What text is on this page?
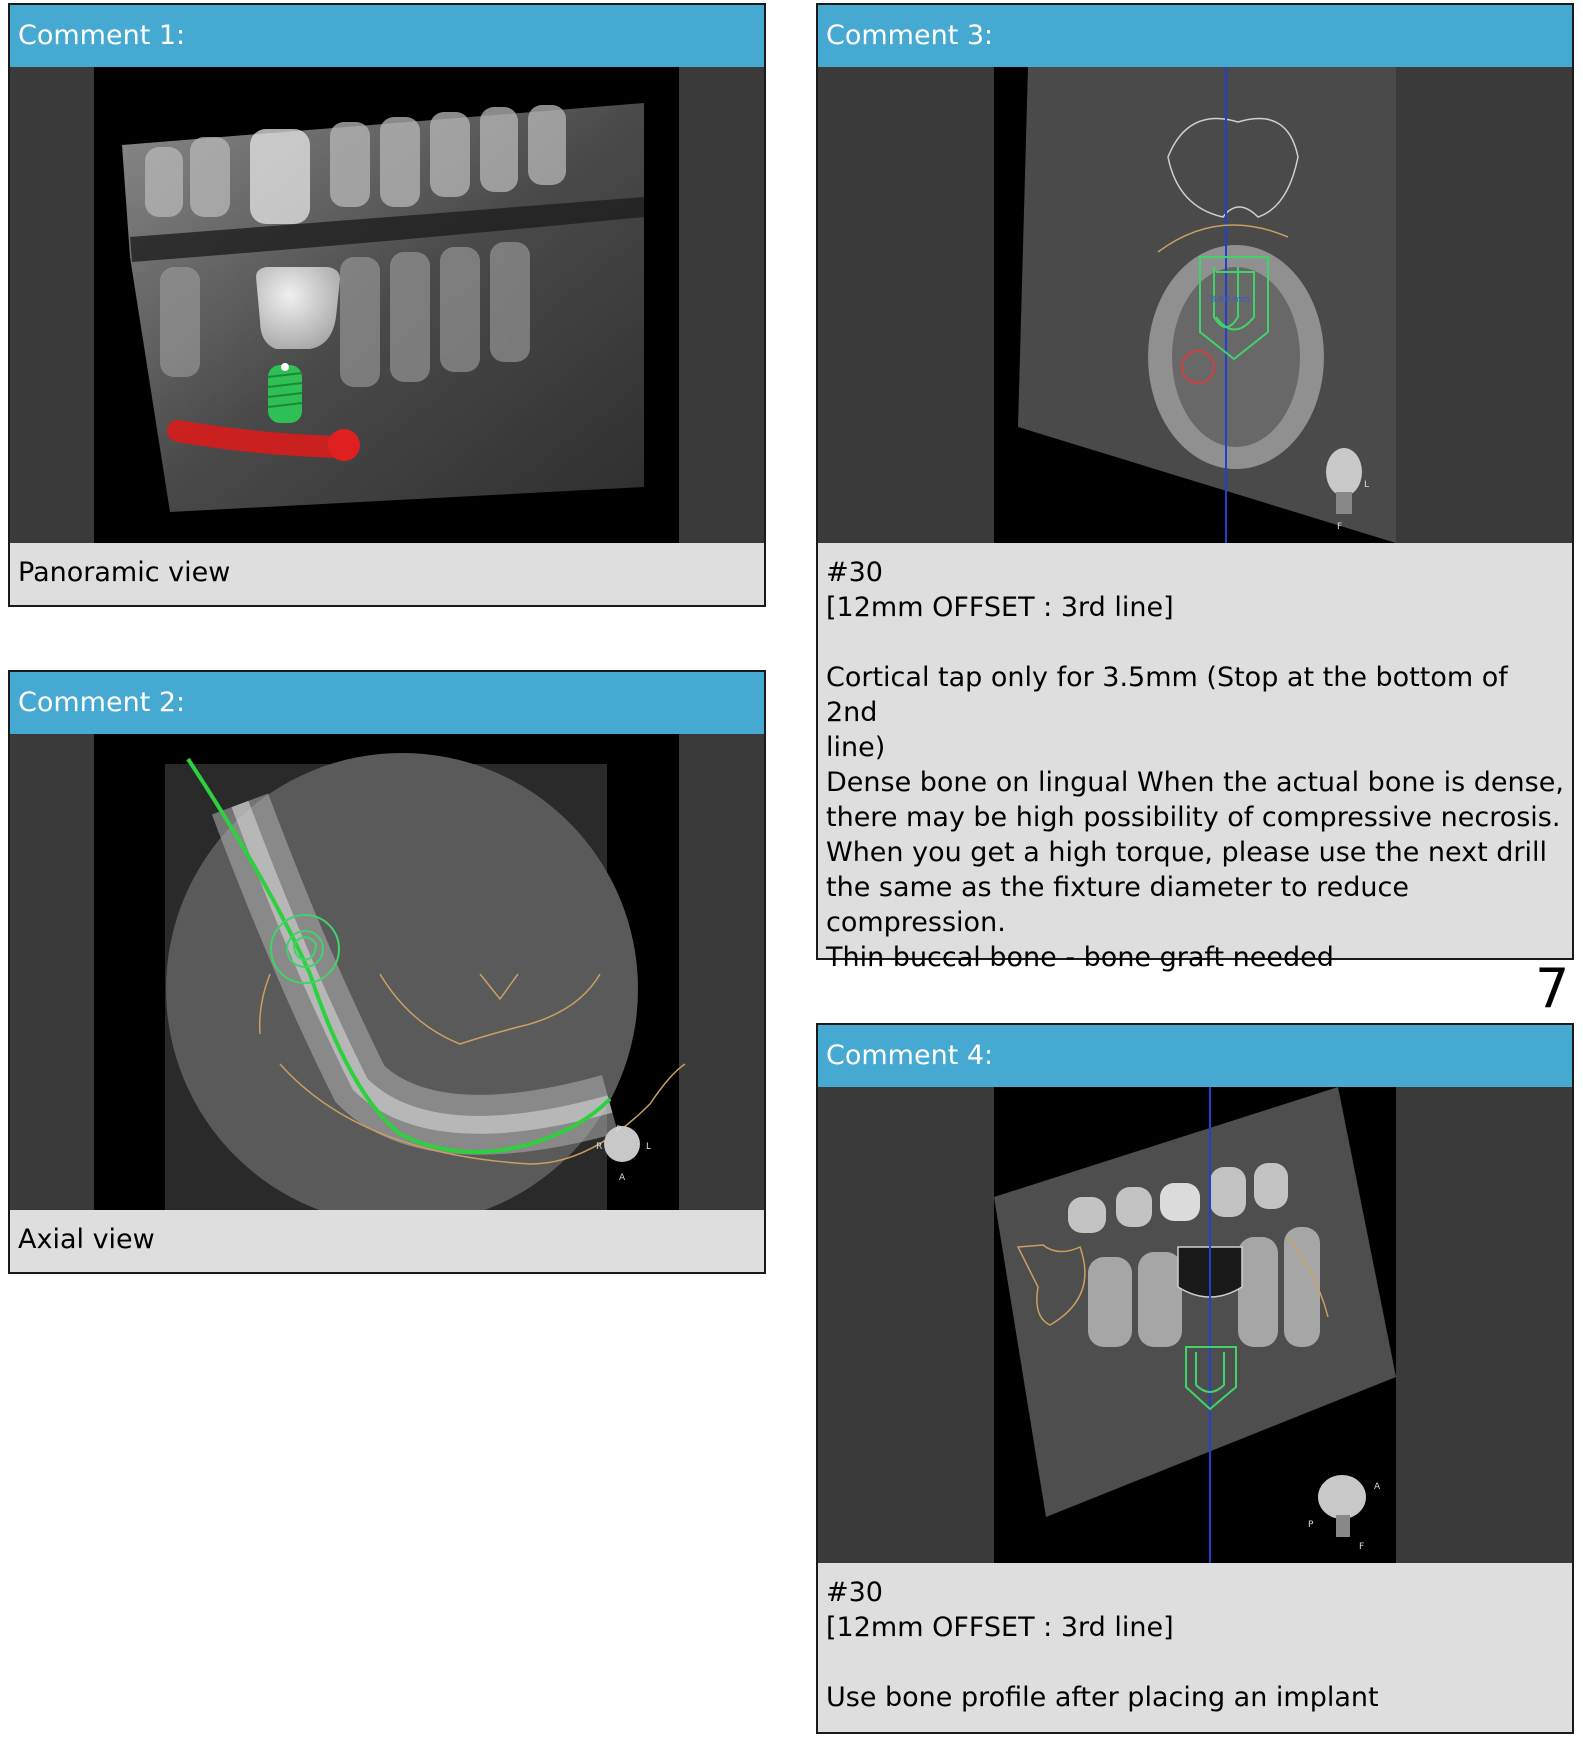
Comment 1:
Panoramic view
Comment 2:
P
R	L
A
Axial view
Comment 3:
3.60 mm
L
F
#30
[12mm OFFSET : 3rd line]
Cortical tap only for 3.5mm (Stop at the bottom of 2nd
line)
Dense bone on lingual When the actual bone is dense,
there may be high possibility of compressive necrosis.
When you get a high torque, please use the next drill
the same as the fixture diameter to reduce
compression.
Thin buccal bone - bone graft needed	7
Comment 4:
A
P
F
#30
[12mm OFFSET : 3rd line]
Use bone profile after placing an implant
